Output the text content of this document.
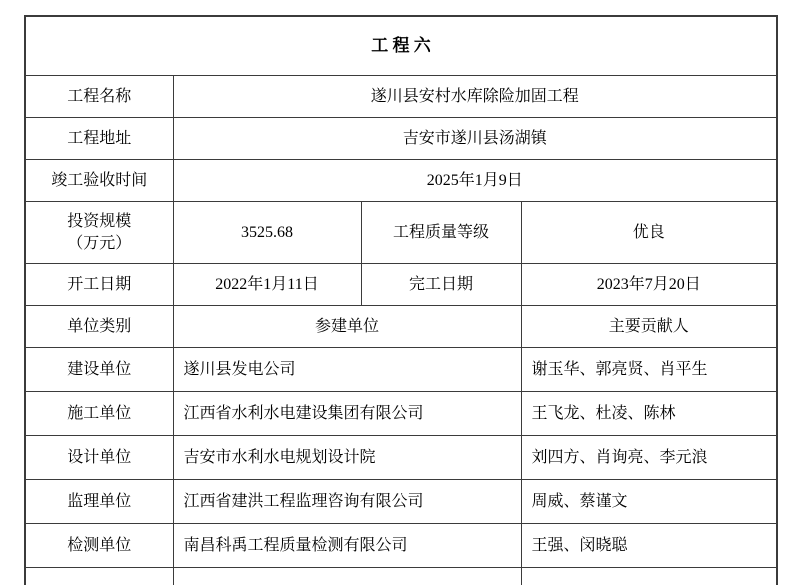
工 程 六			
工程名称	遂川县安村水库除险加固工程		
工程地址	吉安市遂川县汤湖镇		
竣工验收时间	2025年1月9日		

投资规模
（万元）	3525.68	工程质量等级	优良
开工日期	2022年1月11日	完工日期	2023年7月20日
单位类别	参建单位		主要贡献人
建设单位	遂川县发电公司		谢玉华、郭亮贤、肖平生
施工单位	江西省水利水电建设集团有限公司		王飞龙、杜凌、陈林
设计单位	吉安市水利水电规划设计院		刘四方、肖询亮、李元浪
监理单位	江西省建洪工程监理咨询有限公司		周威、蔡谨文
检测单位	南昌科禹工程质量检测有限公司		王强、闵晓聪
